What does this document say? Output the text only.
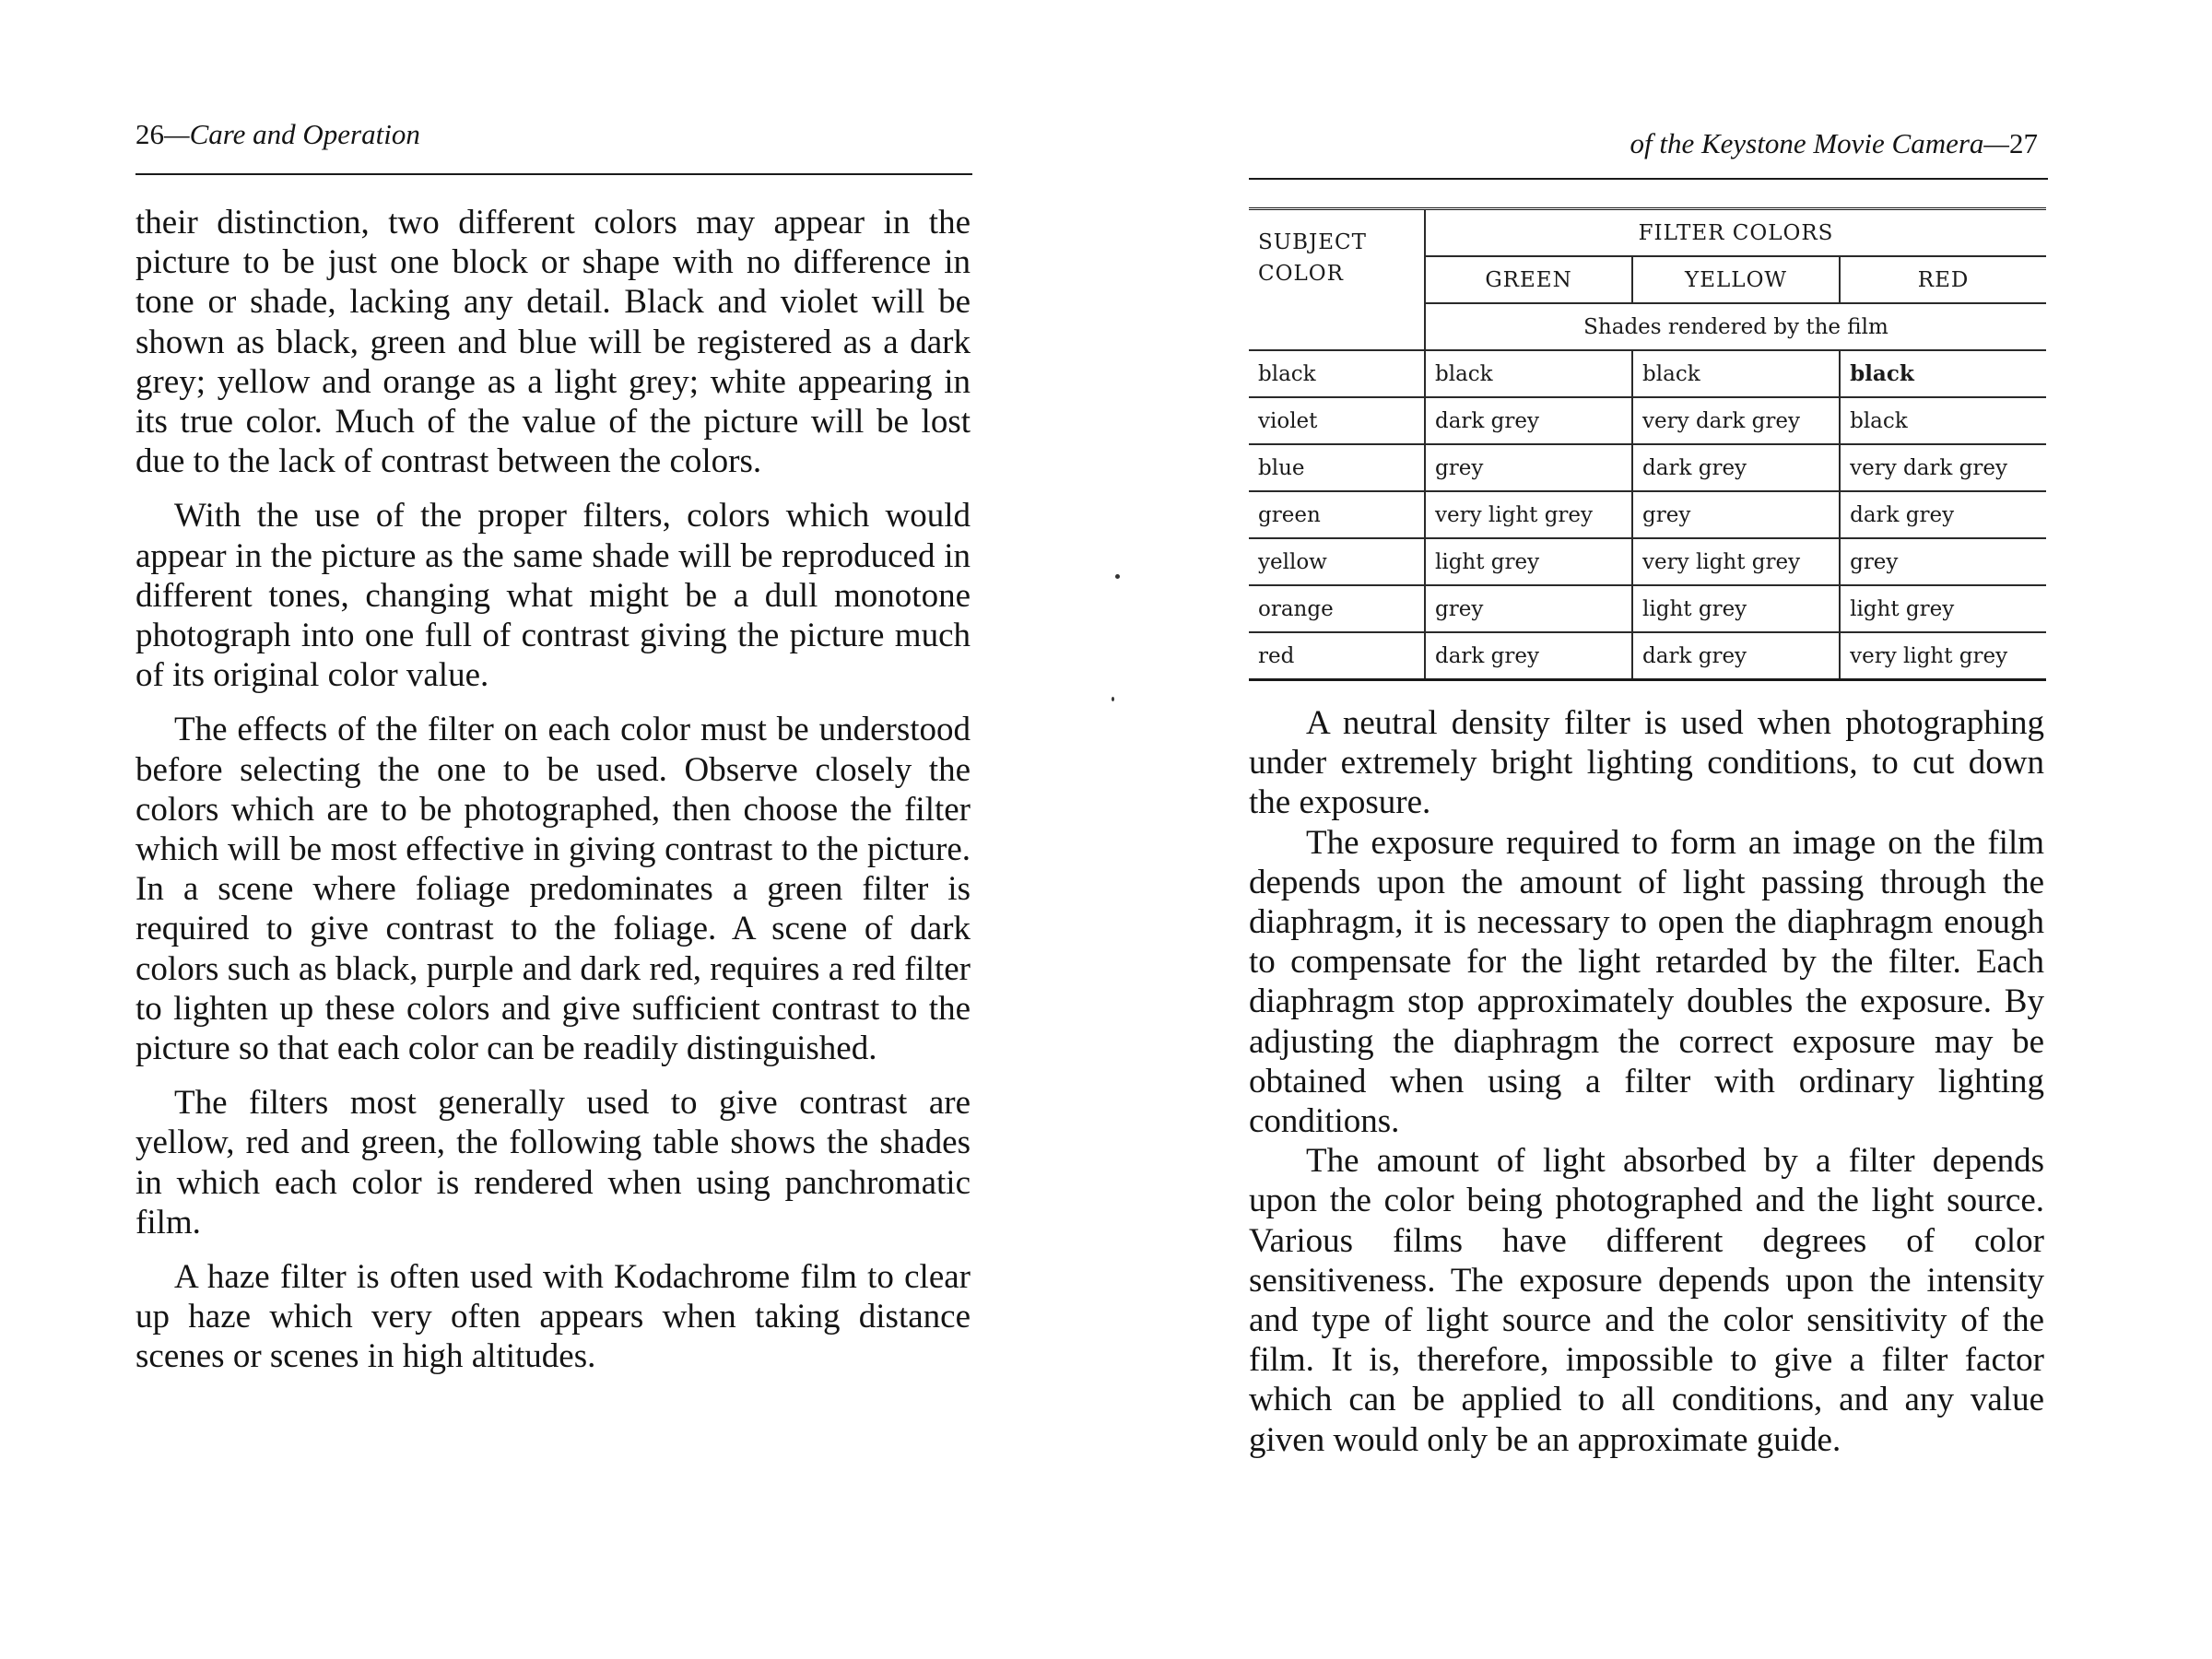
26—Care and Operation

their distinction, two different colors may appear in the picture to be just one block or shape with no difference in tone or shade, lacking any detail. Black and violet will be shown as black, green and blue will be registered as a dark grey; yellow and orange as a light grey; white appearing in its true color. Much of the value of the picture will be lost due to the lack of contrast between the colors.

With the use of the proper filters, colors which would appear in the picture as the same shade will be reproduced in different tones, changing what might be a dull monotone photograph into one full of contrast giving the picture much of its original color value.

The effects of the filter on each color must be understood before selecting the one to be used. Observe closely the colors which are to be photographed, then choose the filter which will be most effective in giving contrast to the picture. In a scene where foliage predominates a green filter is required to give contrast to the foliage. A scene of dark colors such as black, purple and dark red, requires a red filter to lighten up these colors and give sufficient contrast to the picture so that each color can be readily distinguished.

The filters most generally used to give contrast are yellow, red and green, the following table shows the shades in which each color is rendered when using panchromatic film.

A haze filter is often used with Kodachrome film to clear up haze which very often appears when taking distance scenes or scenes in high altitudes.

of the Keystone Movie Camera—27
SUBJECT
COLOR	FILTER COLORS		
	GREEN	YELLOW	RED
	Shades rendered by the film		
black	black	black	black
violet	dark grey	very dark grey	black
blue	grey	dark grey	very dark grey
green	very light grey	grey	dark grey
yellow	light grey	very light grey	grey
orange	grey	light grey	light grey
red	dark grey	dark grey	very light grey

A neutral density filter is used when photographing under extremely bright lighting conditions, to cut down the exposure.

The exposure required to form an image on the film depends upon the amount of light passing through the diaphragm, it is necessary to open the diaphragm enough to compensate for the light retarded by the filter. Each diaphragm stop approximately doubles the exposure. By adjusting the diaphragm the correct exposure may be obtained when using a filter with ordinary lighting conditions.

The amount of light absorbed by a filter depends upon the color being photographed and the light source. Various films have different degrees of color sensitiveness. The exposure depends upon the intensity and type of light source and the color sensitivity of the film. It is, therefore, impossible to give a filter factor which can be applied to all conditions, and any value given would only be an approximate guide.
